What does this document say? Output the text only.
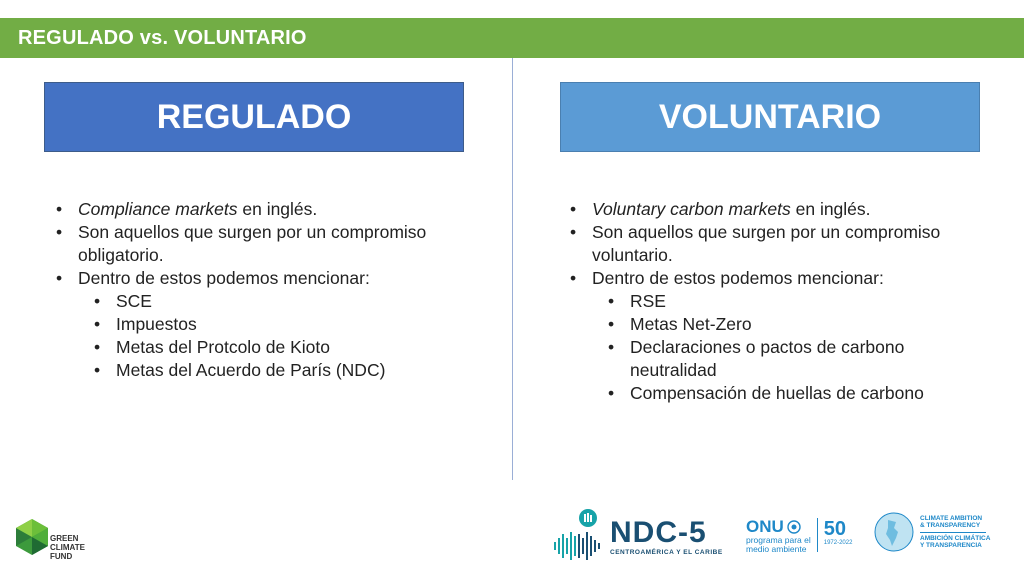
REGULADO vs. VOLUNTARIO
REGULADO	VOLUNTARIO
• Compliance markets en inglés.
• Son aquellos que surgen por un compromiso obligatorio.
• Dentro de estos podemos mencionar:
• SCE
• Impuestos
• Metas del Protcolo de Kioto
• Metas del Acuerdo de París (NDC)
• Voluntary carbon markets en inglés.
• Son aquellos que surgen por un compromiso voluntario.
• Dentro de estos podemos mencionar:
• RSE
• Metas Net-Zero
• Declaraciones o pactos de carbono neutralidad
• Compensación de huellas de carbono
GREEN
CLIMATE
FUND
NDC-5
CENTROAMÉRICA Y EL CARIBE
ONU
programa para el
medio ambiente
50
1972-2022
CLIMATE AMBITION
& TRANSPARENCY
AMBICIÓN CLIMÁTICA
Y TRANSPARENCIA
